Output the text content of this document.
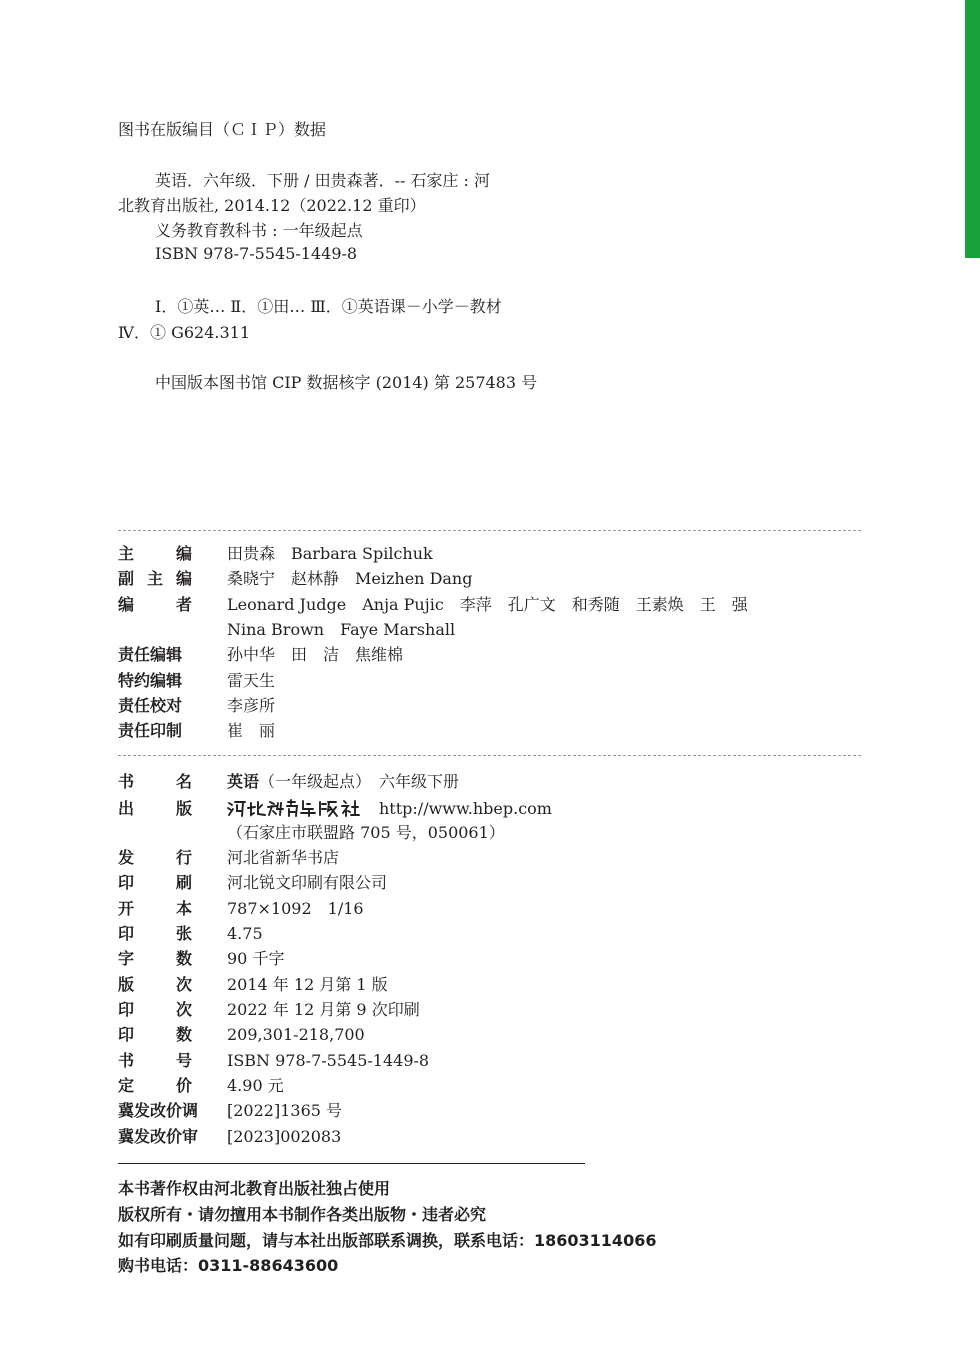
图书在版编目（ＣＩＰ）数据
英语．六年级．下册 / 田贵森著．-- 石家庄 : 河
北教育出版社, 2014.12（2022.12 重印）
义务教育教科书 : 一年级起点
ISBN 978-7-5545-1449-8
Ⅰ．①英… Ⅱ．①田… Ⅲ．①英语课－小学－教材
Ⅳ．① G624.311
中国版本图书馆 CIP 数据核字 (2014) 第 257483 号
主	编 田贵森　Barbara Spilchuk
副 主 编 桑晓宁　赵林静　Meizhen Dang
编	者 Leonard Judge　Anja Pujic　李萍　孔广文　和秀随　王素焕　王　强
Nina Brown　Faye Marshall
责任编辑	孙中华　田　洁　焦维棉
特约编辑	雷天生
责任校对	李彦所
责任印制	崔　丽
书	名 英语（一年级起点）　六年级下册
出	版	http://www.hbep.com
（石家庄市联盟路 705 号，050061）
发	行 河北省新华书店
印	刷 河北锐文印刷有限公司
开	本 787×1092　1/16
印	张 4.75
字	数 90 千字
版	次 2014 年 12 月第 1 版
印	次 2022 年 12 月第 9 次印刷
印	数 209,301-218,700
书	号 ISBN 978-7-5545-1449-8
定	价 4.90 元
冀发改价调	[2022]1365 号
冀发改价审	[2023]002083
本书著作权由河北教育出版社独占使用
版权所有・请勿擅用本书制作各类出版物・违者必究
如有印刷质量问题，请与本社出版部联系调换，联系电话：18603114066
购书电话：0311-88643600
